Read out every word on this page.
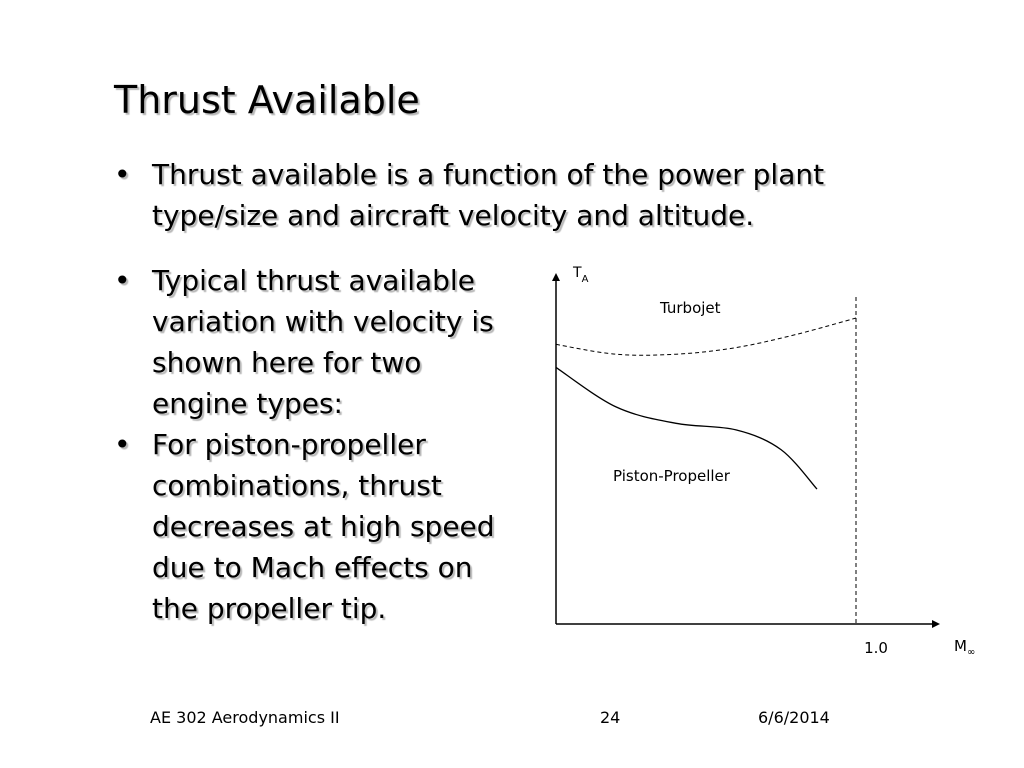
Thrust Available
• Thrust available is a function of the power plant type/size and aircraft velocity and altitude.
• Typical thrust available variation with velocity is shown here for two engine types:
• For piston-propeller combinations, thrust decreases at high speed due to Mach effects on the propeller tip.
$T_A$
$M_\infty$
1.0
Turbojet
Piston-Propeller
AE 302 Aerodynamics II	24	6/6/2014
